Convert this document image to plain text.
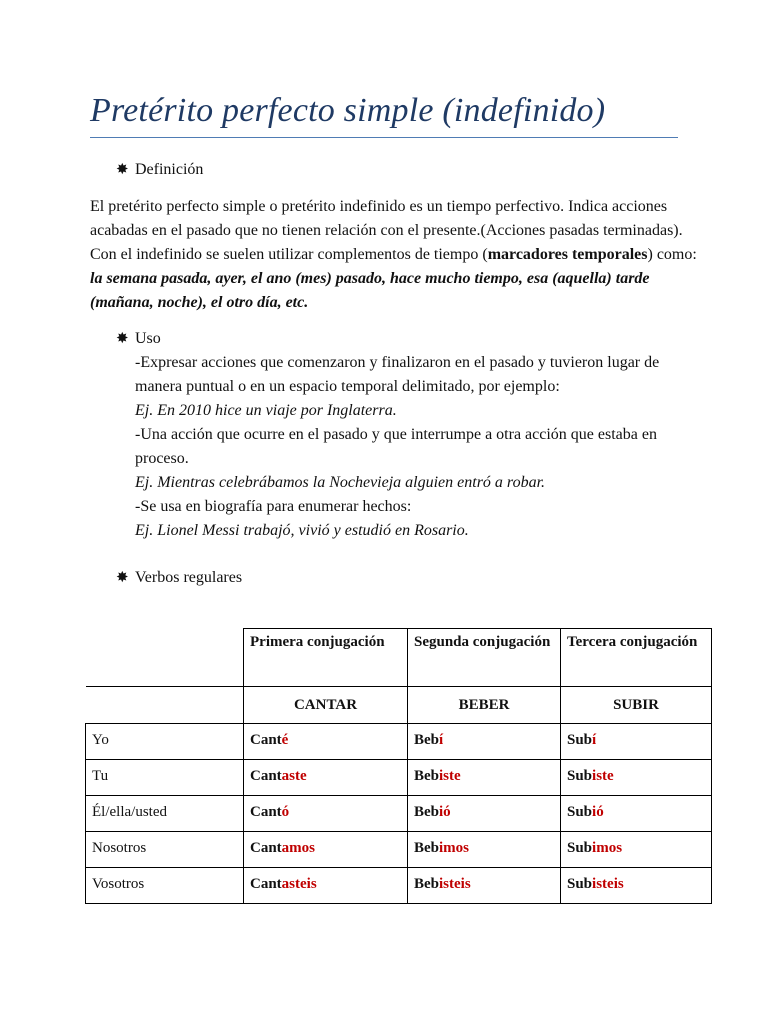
Pretérito perfecto simple (indefinido)
✸ Definición

El pretérito perfecto simple o pretérito indefinido es un tiempo perfectivo. Indica acciones acabadas en el pasado que no tienen relación con el presente.(Acciones pasadas terminadas). Con el indefinido se suelen utilizar complementos de tiempo (marcadores temporales) como: la semana pasada, ayer, el ano (mes) pasado, hace mucho tiempo, esa (aquella) tarde (mañana, noche), el otro día, etc.

✸ Uso
-Expresar acciones que comenzaron y finalizaron en el pasado y tuvieron lugar de manera puntual o en un espacio temporal delimitado, por ejemplo:
Ej. En 2010 hice un viaje por Inglaterra.
-Una acción que ocurre en el pasado y que interrumpe a otra acción que estaba en proceso.
Ej. Mientras celebrábamos la Nochevieja alguien entró a robar.
-Se usa en biografía para enumerar hechos:
Ej. Lionel Messi trabajó, vivió y estudió en Rosario.
✸ Verbos regulares
	Primera conjugación	Segunda conjugación	Tercera conjugación
	CANTAR	BEBER	SUBIR
Yo	Canté	Bebí	Subí
Tu	Cantaste	Bebiste	Subiste
Él/ella/usted	Cantó	Bebió	Subió
Nosotros	Cantamos	Bebimos	Subimos
Vosotros	Cantasteis	Bebisteis	Subisteis
